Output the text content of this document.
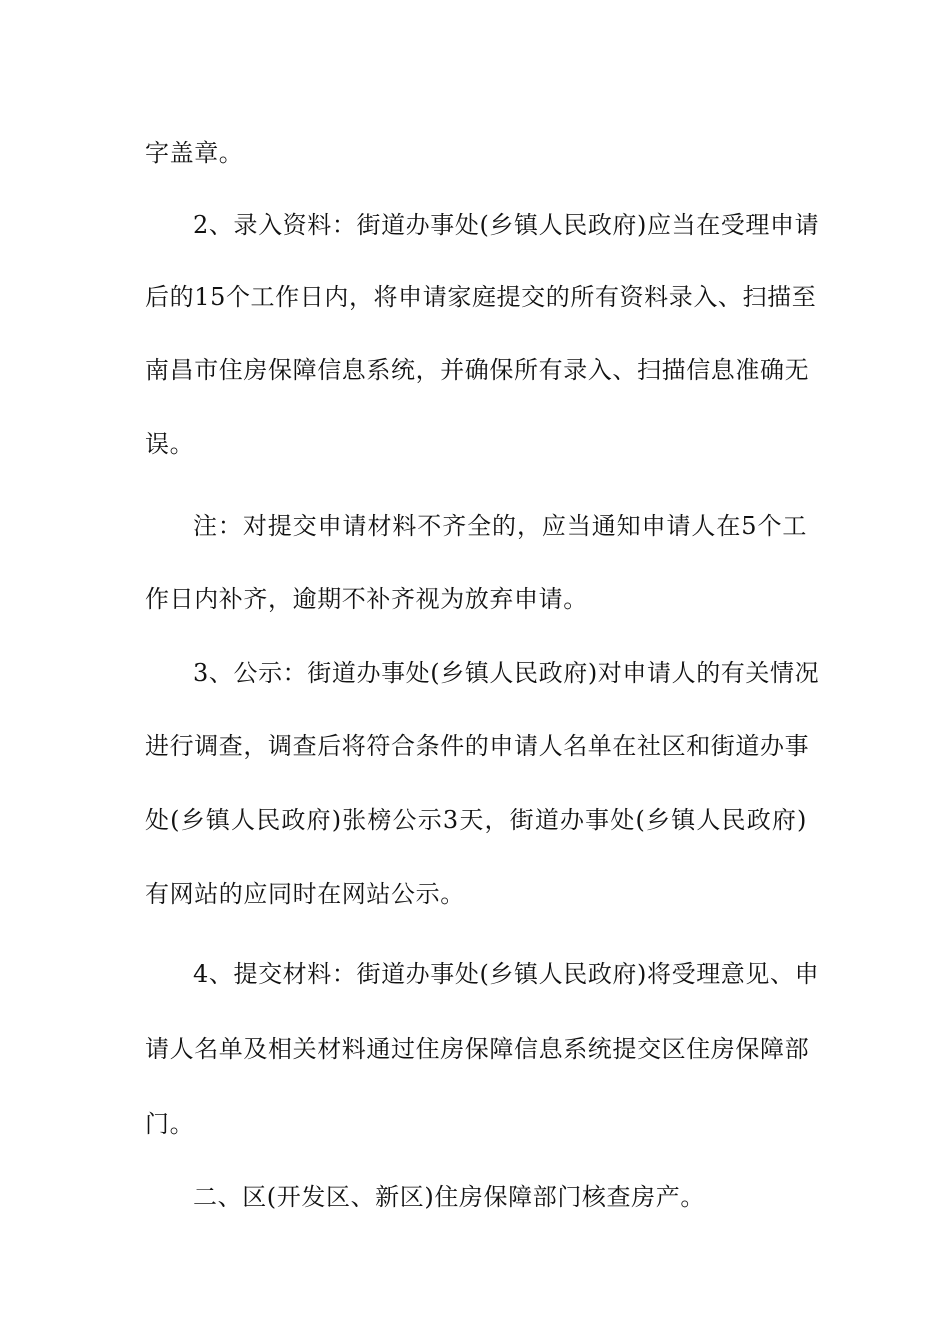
字盖章。
2、录入资料：街道办事处(乡镇人民政府)应当在受理申请
后的15个工作日内，将申请家庭提交的所有资料录入、扫描至
南昌市住房保障信息系统，并确保所有录入、扫描信息准确无
误。
注：对提交申请材料不齐全的，应当通知申请人在5个工
作日内补齐，逾期不补齐视为放弃申请。
3、公示：街道办事处(乡镇人民政府)对申请人的有关情况
进行调查，调查后将符合条件的申请人名单在社区和街道办事
处(乡镇人民政府)张榜公示3天，街道办事处(乡镇人民政府)
有网站的应同时在网站公示。
4、提交材料：街道办事处(乡镇人民政府)将受理意见、申
请人名单及相关材料通过住房保障信息系统提交区住房保障部
门。
二、区(开发区、新区)住房保障部门核查房产。
